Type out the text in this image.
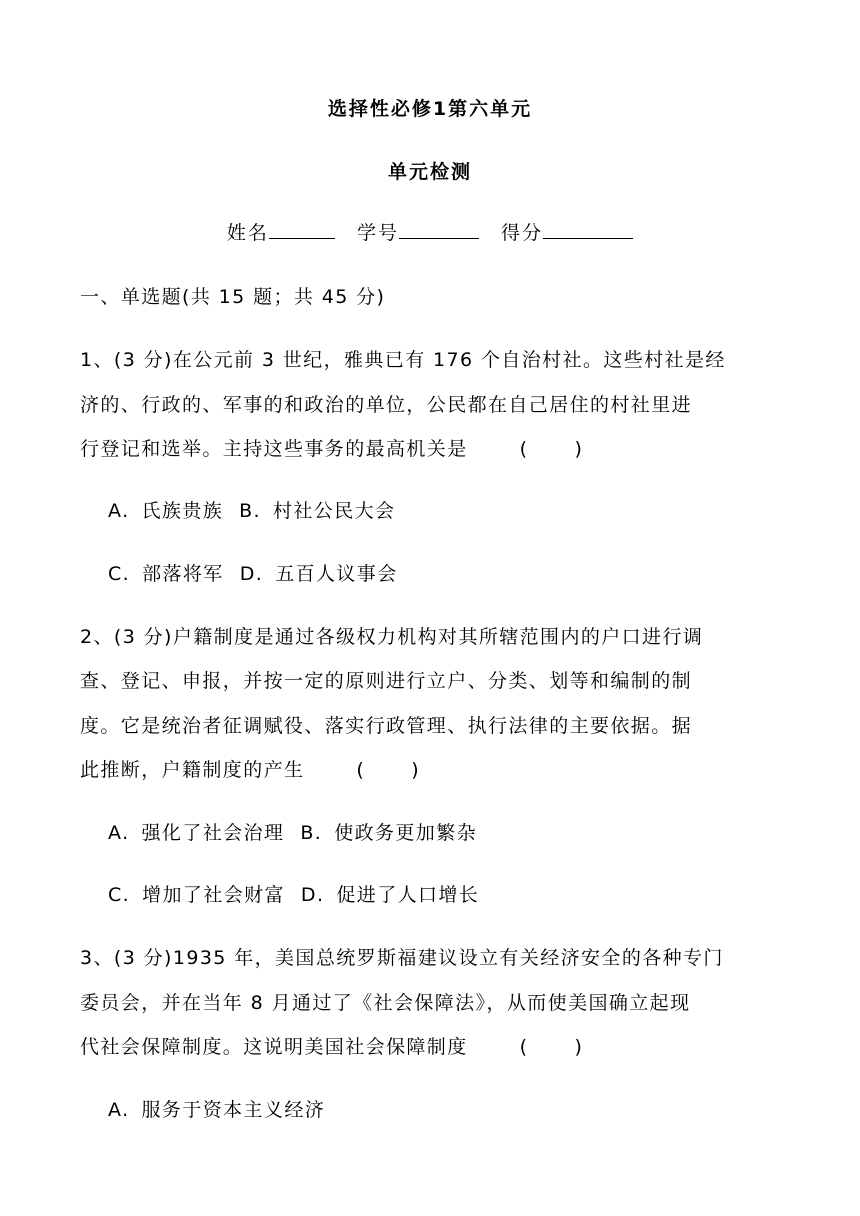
选择性必修1第六单元
单元检测
姓名	学号	得分
一、单选题(共 15 题；共 45 分)
1、(3 分)在公元前 3 世纪，雅典已有 176 个自治村社。这些村社是经
济的、行政的、军事的和政治的单位，公民都在自己居住的村社里进
行登记和选举。主持这些事务的最高机关是	( )
A. 氏族贵族 B. 村社公民大会
C. 部落将军 D. 五百人议事会
2、(3 分)户籍制度是通过各级权力机构对其所辖范围内的户口进行调
查、登记、申报，并按一定的原则进行立户、分类、划等和编制的制
度。它是统治者征调赋役、落实行政管理、执行法律的主要依据。据
此推断，户籍制度的产生	( )
A. 强化了社会治理 B. 使政务更加繁杂
C. 增加了社会财富 D. 促进了人口增长
3、(3 分)1935 年，美国总统罗斯福建议设立有关经济安全的各种专门
委员会，并在当年 8 月通过了《社会保障法》，从而使美国确立起现
代社会保障制度。这说明美国社会保障制度	( )
A. 服务于资本主义经济
